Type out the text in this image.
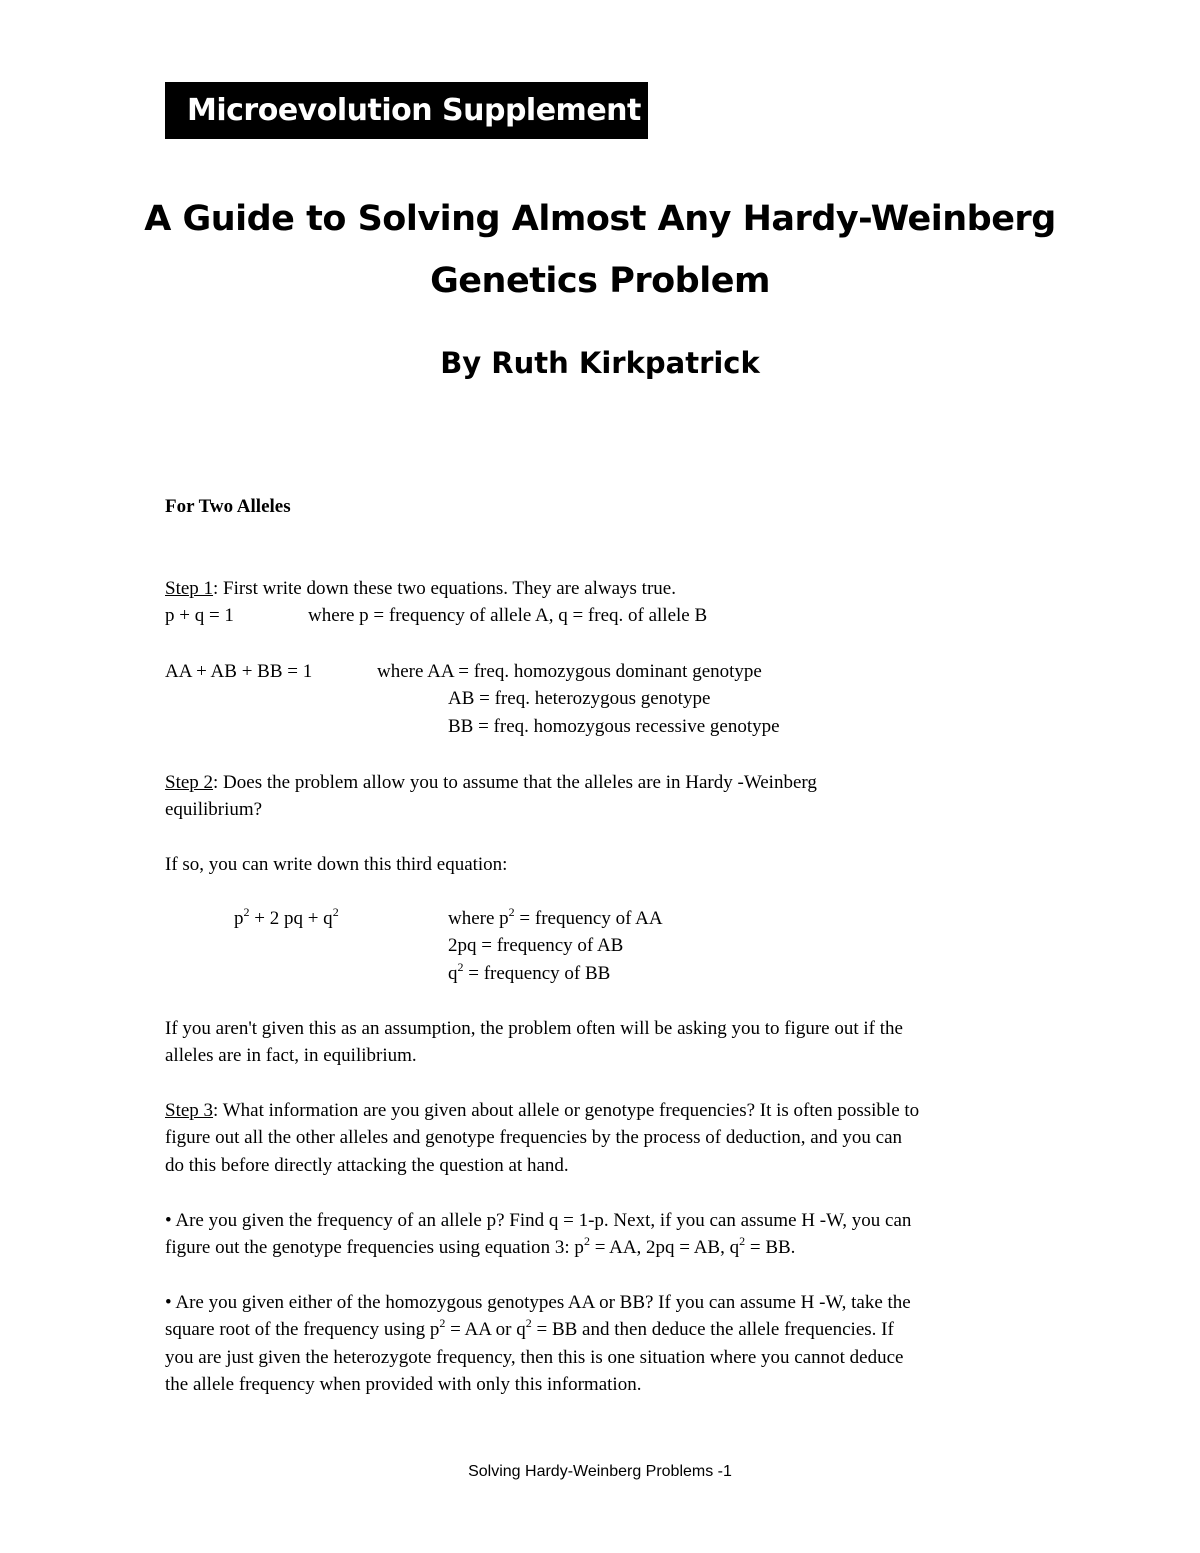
Microevolution Supplement #1
A Guide to Solving Almost Any Hardy-Weinberg
Genetics Problem
By Ruth Kirkpatrick
For Two Alleles
Step 1: First write down these two equations. They are always true.
p + q = 1	where p = frequency of allele A, q = freq. of allele B
AA + AB + BB = 1	where AA = freq. homozygous dominant genotype
AB = freq. heterozygous genotype
BB = freq. homozygous recessive genotype
Step 2: Does the problem allow you to assume that the alleles are in Hardy -Weinberg
equilibrium?
If so, you can write down this third equation:
$p^2 + 2$ pq + $q^2$	where $p^2$ = frequency of AA
2pq = frequency of AB
$q^2$ = frequency of BB
If you aren't given this as an assumption, the problem often will be asking you to figure out if the
alleles are in fact, in equilibrium.
Step 3: What information are you given about allele or genotype frequencies? It is often possible to
figure out all the other alleles and genotype frequencies by the process of deduction, and you can
do this before directly attacking the question at hand.
• Are you given the frequency of an allele p? Find q = 1-p. Next, if you can assume H -W, you can
figure out the genotype frequencies using equation 3: $p^2$ = AA, 2pq = AB, $q^2$ = BB.
• Are you given either of the homozygous genotypes AA or BB? If you can assume H -W, take the
square root of the frequency using $p^2$ = AA or $q^2$ = BB and then deduce the allele frequencies. If
you are just given the heterozygote frequency, then this is one situation where you cannot deduce
the allele frequency when provided with only this information.
Solving Hardy-Weinberg Problems -1
